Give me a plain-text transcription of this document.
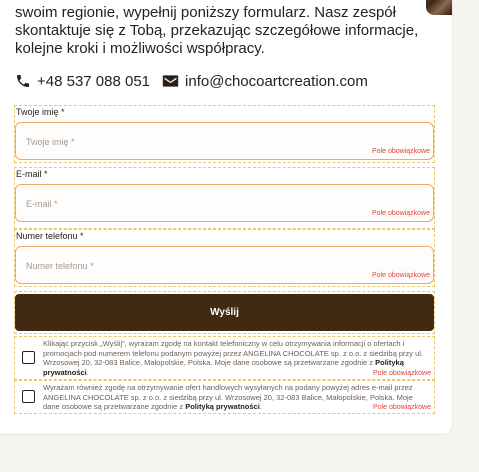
swoim regionie, wypełnij poniższy formularz. Nasz zespół
skontaktuje się z Tobą, przekazując szczegółowe informacje,
kolejne kroki i możliwości współpracy.
+48 537 088 051 info@chocoartcreation.com
Twoje imię *
Twoje imię *
Pole obowiązkowe
E-mail *
E-mail *
Pole obowiązkowe
Numer telefonu *
Numer telefonu *
Pole obowiązkowe
Wyślij
Klikając przycisk „Wyślij”, wyrażam zgodę na kontakt telefoniczny w celu otrzymywania informacji o ofertach i promocjach pod numerem telefonu podanym powyżej przez ANGELINA CHOCOLATE sp. z o.o. z siedzibą przy ul. Wrzosowej 20, 32-083 Balice, Małopolskie, Polska. Moje dane osobowe są przetwarzane zgodnie z Polityką prywatności.	Pole obowiązkowe
Wyrażam również zgodę na otrzymywanie ofert handlowych wysyłanych na podany powyżej adres e-mail przez ANGELINA CHOCOLATE sp. z o.o. z siedzibą przy ul. Wrzosowej 20, 32-083 Balice, Małopolskie, Polska. Moje dane osobowe są przetwarzane zgodnie z Polityką prywatności.	Pole obowiązkowe
